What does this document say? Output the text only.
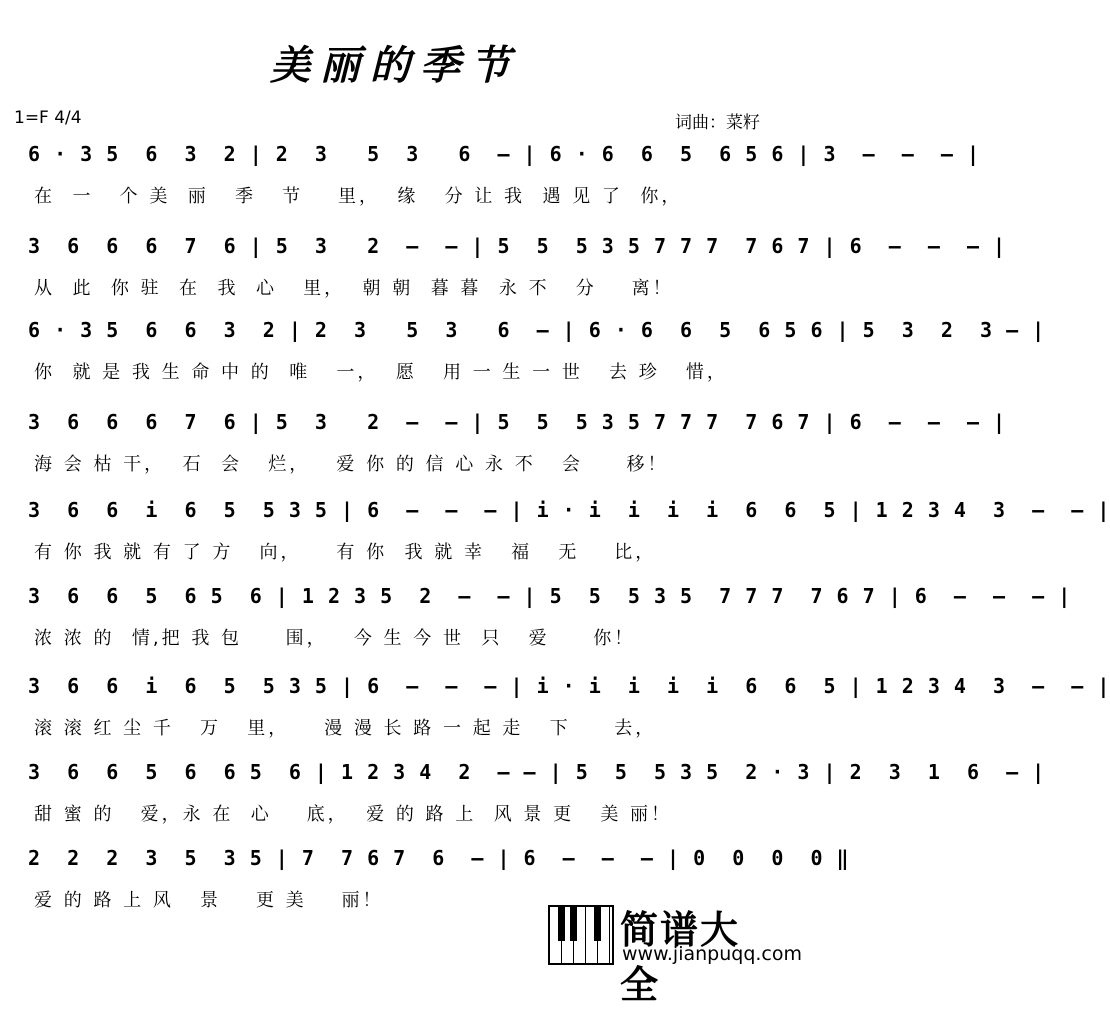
美丽的季节
1=F 4/4	词曲：菜籽
6 · 3 5  6  3  2 | 2  3   5  3   6  – | 6 · 6  6  5  6 5 6 | 3  –  –  – |
在  一   个 美  丽   季   节    里，  缘   分 让 我  遇 见 了  你，
3  6  6  6  7  6 | 5  3   2  –  – | 5  5  5 3 5 7 7 7  7 6 7 | 6  –  –  – |
从  此  你 驻  在  我  心   里，  朝 朝  暮 暮  永 不   分    离！
6 · 3 5  6  6  3  2 | 2  3   5  3   6  – | 6 · 6  6  5  6 5 6 | 5  3  2  3 – |
你  就 是 我 生 命 中 的  唯   一，  愿   用 一 生 一 世   去 珍   惜，
3  6  6  6  7  6 | 5  3   2  –  – | 5  5  5 3 5 7 7 7  7 6 7 | 6  –  –  – |
海 会 枯 干，  石  会   烂，   爱 你 的 信 心 永 不   会     移！
3  6  6  i  6  5  5 3 5 | 6  –  –  – | i · i  i  i  i  6  6  5 | 1 2 3 4  3  –  – |
有 你 我 就 有 了 方   向，    有 你  我 就 幸   福   无    比，
3  6  6  5  6 5  6 | 1 2 3 5  2  –  – | 5  5  5 3 5  7 7 7  7 6 7 | 6  –  –  – |
浓 浓 的  情,把 我 包     围，   今 生 今 世  只   爱     你！
3  6  6  i  6  5  5 3 5 | 6  –  –  – | i · i  i  i  i  6  6  5 | 1 2 3 4  3  –  – |
滚 滚 红 尘 千   万   里，    漫 漫 长 路 一 起 走   下     去，
3  6  6  5  6  6 5  6 | 1 2 3 4  2  – – | 5  5  5 3 5  2 · 3 | 2  3  1  6  – |
甜 蜜 的   爱，永 在  心    底，  爱 的 路 上  风 景 更   美 丽！
2  2  2  3  5  3 5 | 7  7 6 7  6  – | 6  –  –  – | 0  0  0  0 ‖
爱 的 路 上 风   景    更 美    丽！
简谱大全
www.jianpuqq.com
